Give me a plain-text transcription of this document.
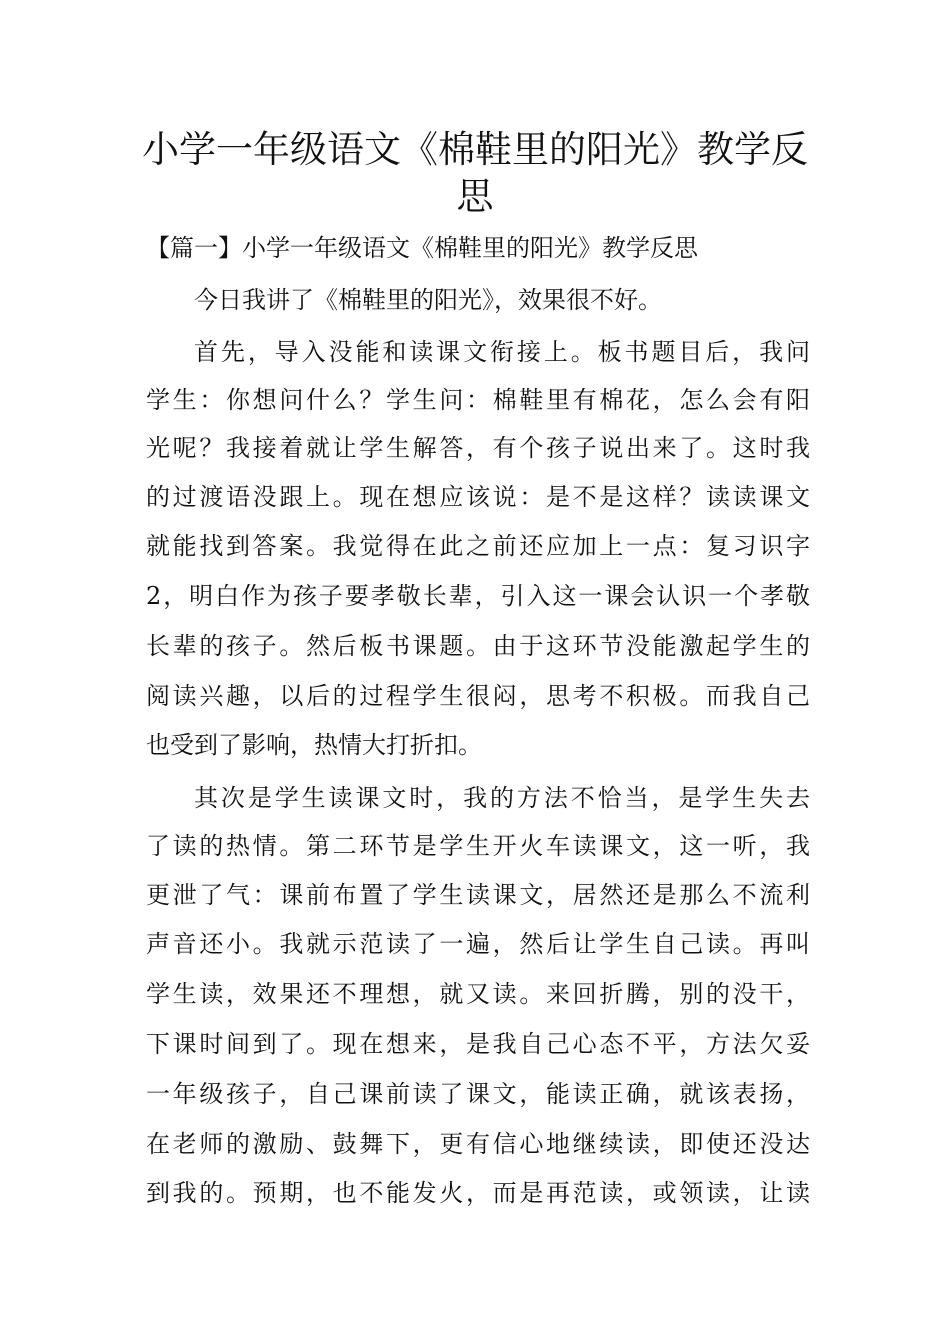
小学一年级语文《棉鞋里的阳光》教学反
思
【篇一】小学一年级语文《棉鞋里的阳光》教学反思
今日我讲了《棉鞋里的阳光》，效果很不好。
首先，导入没能和读课文衔接上。板书题目后，我问
学生：你想问什么？学生问：棉鞋里有棉花，怎么会有阳
光呢？我接着就让学生解答，有个孩子说出来了。这时我
的过渡语没跟上。现在想应该说：是不是这样？读读课文
就能找到答案。我觉得在此之前还应加上一点：复习识字
2，明白作为孩子要孝敬长辈，引入这一课会认识一个孝敬
长辈的孩子。然后板书课题。由于这环节没能激起学生的
阅读兴趣，以后的过程学生很闷，思考不积极。而我自己
也受到了影响，热情大打折扣。
其次是学生读课文时，我的方法不恰当，是学生失去
了读的热情。第二环节是学生开火车读课文，这一听，我
更泄了气：课前布置了学生读课文，居然还是那么不流利
声音还小。我就示范读了一遍，然后让学生自己读。再叫
学生读，效果还不理想，就又读。来回折腾，别的没干，
下课时间到了。现在想来，是我自己心态不平，方法欠妥
一年级孩子，自己课前读了课文，能读正确，就该表扬，
在老师的激励、鼓舞下，更有信心地继续读，即使还没达
到我的。预期，也不能发火，而是再范读，或领读，让读
